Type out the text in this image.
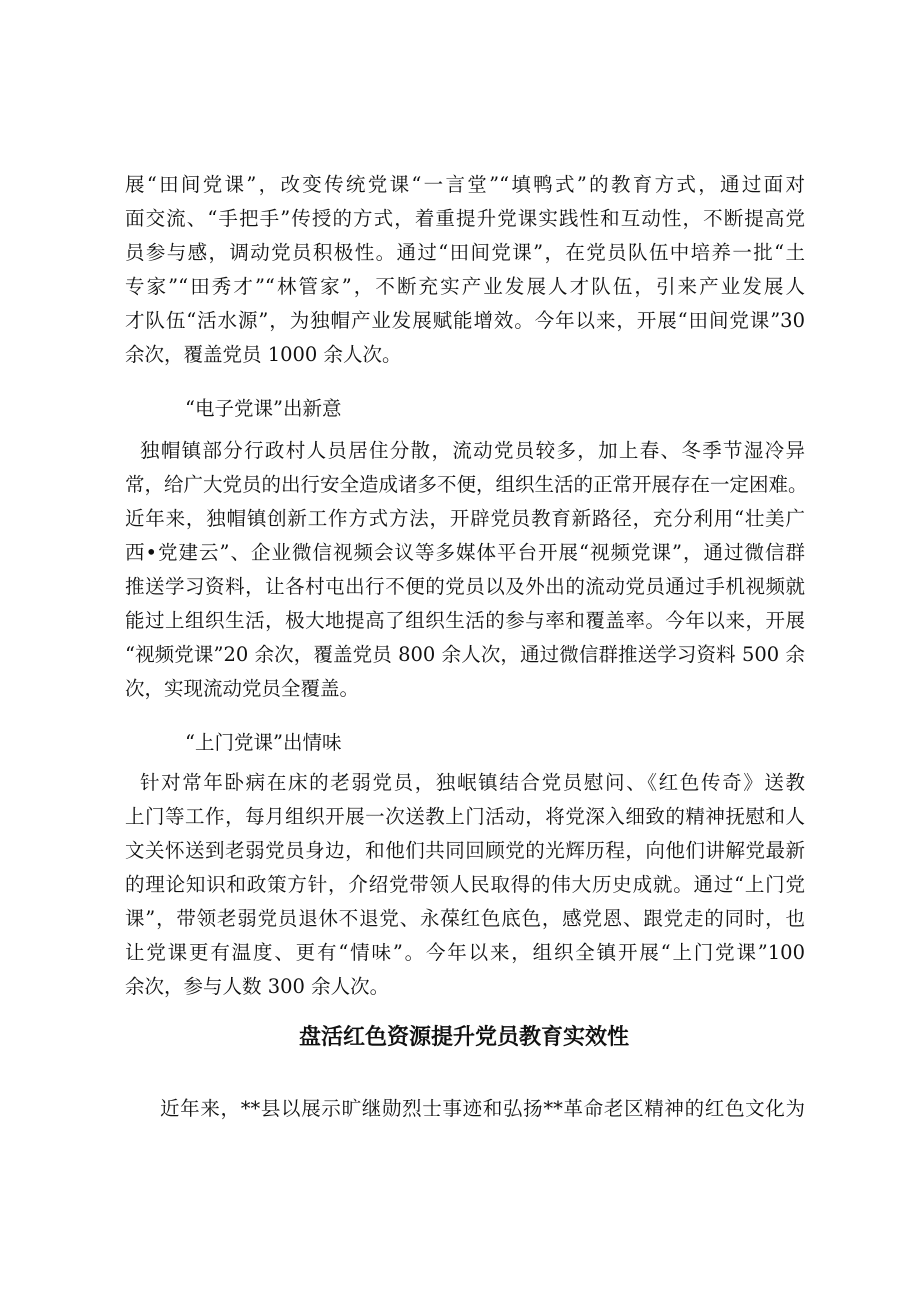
展“田间党课”，改变传统党课“一言堂”“填鸭式”的教育方式，通过面对
面交流、“手把手”传授的方式，着重提升党课实践性和互动性，不断提高党
员参与感，调动党员积极性。通过“田间党课”，在党员队伍中培养一批“土
专家”“田秀才”“林管家”，不断充实产业发展人才队伍，引来产业发展人
才队伍“活水源”，为独帽产业发展赋能增效。今年以来，开展“田间党课”30
余次，覆盖党员 1000 余人次。
“电子党课”出新意
独帽镇部分行政村人员居住分散，流动党员较多，加上春、冬季节湿冷异
常，给广大党员的出行安全造成诸多不便，组织生活的正常开展存在一定困难。
近年来，独帽镇创新工作方式方法，开辟党员教育新路径，充分利用“壮美广
西•党建云”、企业微信视频会议等多媒体平台开展“视频党课”，通过微信群
推送学习资料，让各村屯出行不便的党员以及外出的流动党员通过手机视频就
能过上组织生活，极大地提高了组织生活的参与率和覆盖率。今年以来，开展
“视频党课”20 余次，覆盖党员 800 余人次，通过微信群推送学习资料 500 余
次，实现流动党员全覆盖。
“上门党课”出情味
针对常年卧病在床的老弱党员，独岷镇结合党员慰问、《红色传奇》送教
上门等工作，每月组织开展一次送教上门活动，将党深入细致的精神抚慰和人
文关怀送到老弱党员身边，和他们共同回顾党的光辉历程，向他们讲解党最新
的理论知识和政策方针，介绍党带领人民取得的伟大历史成就。通过“上门党
课”，带领老弱党员退休不退党、永葆红色底色，感党恩、跟党走的同时，也
让党课更有温度、更有“情味”。今年以来，组织全镇开展“上门党课”100
余次，参与人数 300 余人次。
盘活红色资源提升党员教育实效性
近年来，**县以展示旷继勋烈士事迹和弘扬**革命老区精神的红色文化为
